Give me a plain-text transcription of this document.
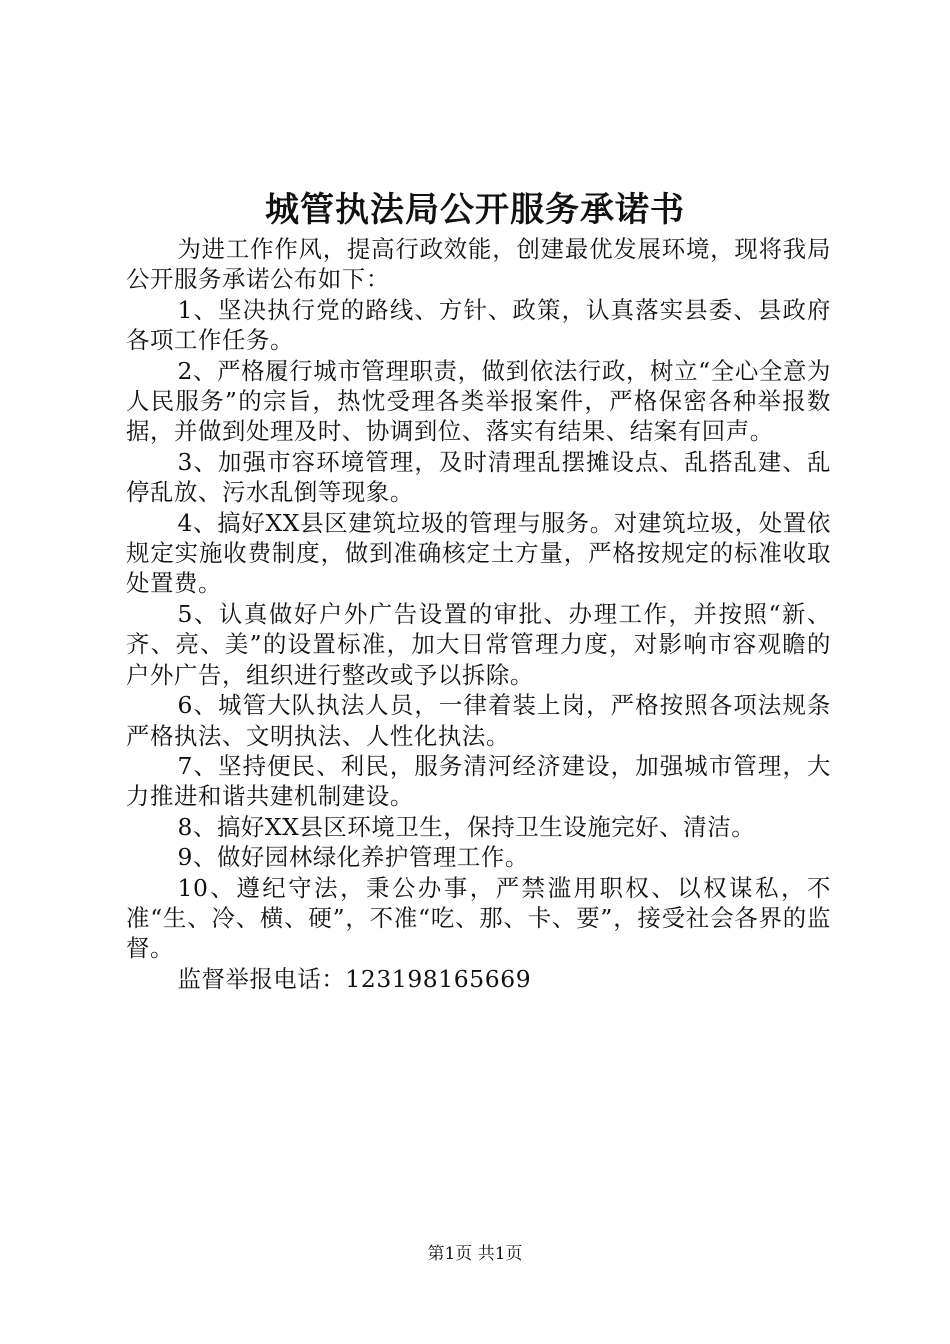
城管执法局公开服务承诺书

为进工作作风，提高行政效能，创建最优发展环境，现将我局公开服务承诺公布如下：

1、坚决执行党的路线、方针、政策，认真落实县委、县政府各项工作任务。

2、严格履行城市管理职责，做到依法行政，树立“全心全意为人民服务”的宗旨，热忱受理各类举报案件，严格保密各种举报数据，并做到处理及时、协调到位、落实有结果、结案有回声。

3、加强市容环境管理，及时清理乱摆摊设点、乱搭乱建、乱停乱放、污水乱倒等现象。

4、搞好XX县区建筑垃圾的管理与服务。对建筑垃圾，处置依规定实施收费制度，做到准确核定土方量，严格按规定的标准收取处置费。

5、认真做好户外广告设置的审批、办理工作，并按照“新、齐、亮、美”的设置标准，加大日常管理力度，对影响市容观瞻的户外广告，组织进行整改或予以拆除。

6、城管大队执法人员，一律着装上岗，严格按照各项法规条严格执法、文明执法、人性化执法。

7、坚持便民、利民，服务清河经济建设，加强城市管理，大力推进和谐共建机制建设。

8、搞好XX县区环境卫生，保持卫生设施完好、清洁。

9、做好园林绿化养护管理工作。

10、遵纪守法，秉公办事，严禁滥用职权、以权谋私，不准“生、冷、横、硬”，不准“吃、那、卡、要”，接受社会各界的监督。

监督举报电话：123198165669

第1页 共1页
